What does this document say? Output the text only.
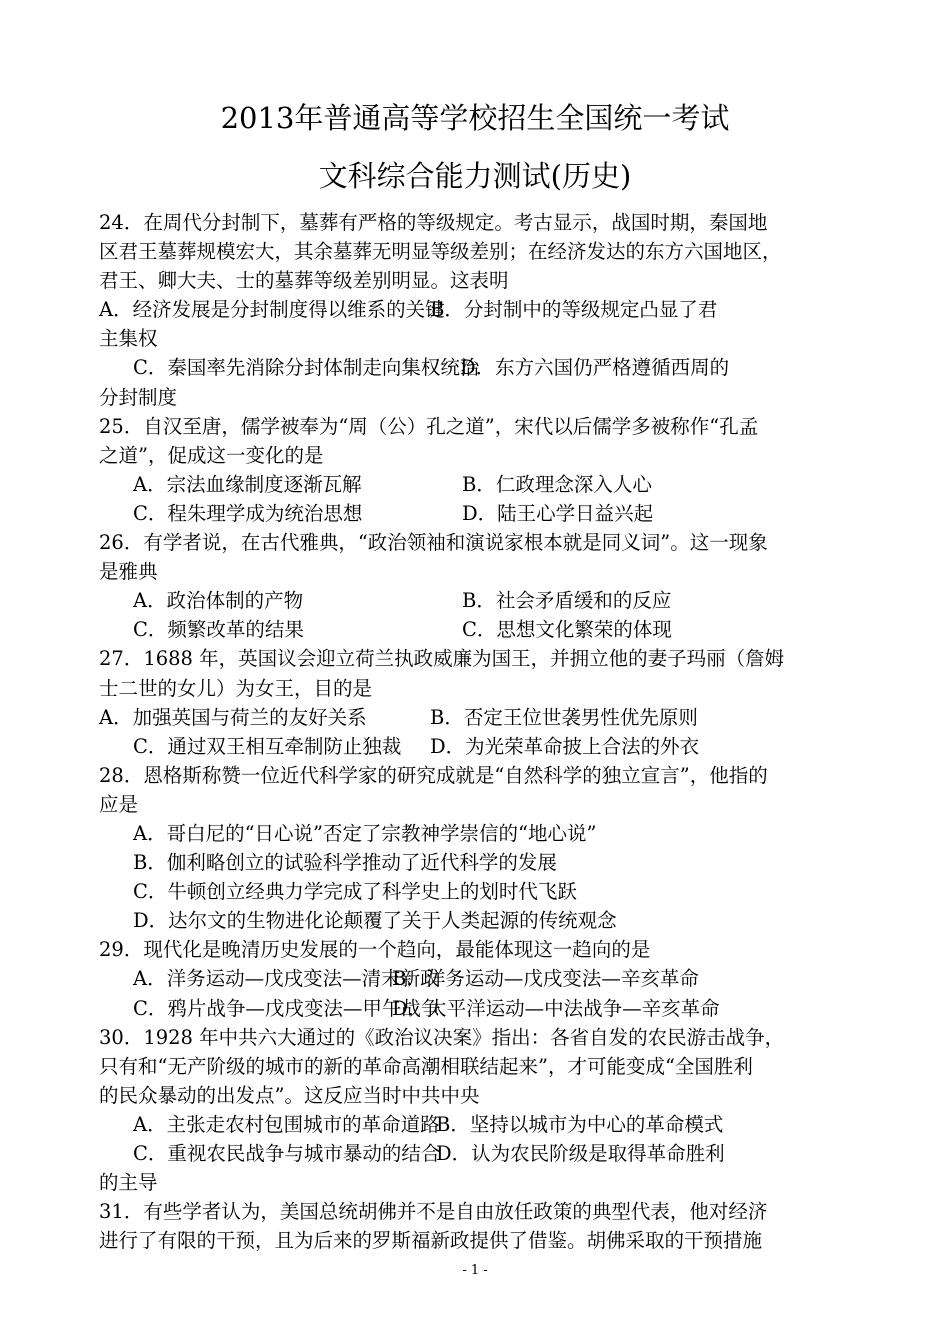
2013年普通高等学校招生全国统一考试
文科综合能力测试(历史)
24．在周代分封制下，墓葬有严格的等级规定。考古显示，战国时期，秦国地
区君王墓葬规模宏大，其余墓葬无明显等级差别；在经济发达的东方六国地区，
君王、卿大夫、士的墓葬等级差别明显。这表明
A．经济发展是分封制度得以维系的关键
B．分封制中的等级规定凸显了君
主集权
C．秦国率先消除分封体制走向集权统治
D．东方六国仍严格遵循西周的
分封制度
25．自汉至唐，儒学被奉为“周（公）孔之道”，宋代以后儒学多被称作“孔孟
之道”，促成这一变化的是
A．宗法血缘制度逐渐瓦解	B．仁政理念深入人心
C．程朱理学成为统治思想	D．陆王心学日益兴起
26．有学者说，在古代雅典，“政治领袖和演说家根本就是同义词”。这一现象
是雅典
A．政治体制的产物	B．社会矛盾缓和的反应
C．频繁改革的结果	C．思想文化繁荣的体现
27．1688 年，英国议会迎立荷兰执政威廉为国王，并拥立他的妻子玛丽（詹姆
士二世的女儿）为女王，目的是
A．加强英国与荷兰的友好关系	B．否定王位世袭男性优先原则
C．通过双王相互牵制防止独裁 D．为光荣革命披上合法的外衣
28．恩格斯称赞一位近代科学家的研究成就是“自然科学的独立宣言”，他指的
应是
A．哥白尼的“日心说”否定了宗教神学崇信的“地心说”
B．伽利略创立的试验科学推动了近代科学的发展
C．牛顿创立经典力学完成了科学史上的划时代飞跃
D．达尔文的生物进化论颠覆了关于人类起源的传统观念
29．现代化是晚清历史发展的一个趋向，最能体现这一趋向的是
A．洋务运动—戊戌变法—清末新政
B．洋务运动—戊戌变法—辛亥革命
C．鸦片战争—戊戌变法—甲午战争
D．太平洋运动—中法战争—辛亥革命
30．1928 年中共六大通过的《政治议决案》指出：各省自发的农民游击战争，
只有和“无产阶级的城市的新的革命高潮相联结起来”，才可能变成“全国胜利
的民众暴动的出发点”。这反应当时中共中央
A．主张走农村包围城市的革命道路
B．坚持以城市为中心的革命模式
C．重视农民战争与城市暴动的结合
D．认为农民阶级是取得革命胜利
的主导
31．有些学者认为，美国总统胡佛并不是自由放任政策的典型代表，他对经济
进行了有限的干预，且为后来的罗斯福新政提供了借鉴。胡佛采取的干预措施
- 1 -
